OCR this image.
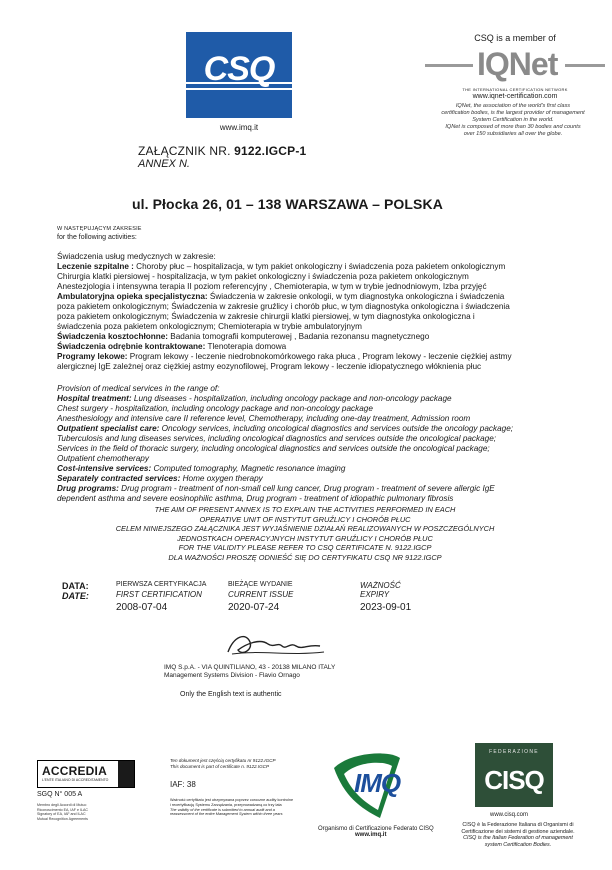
CSQ
www.imq.it
CSQ is a member of
IQNet
THE INTERNATIONAL CERTIFICATION NETWORK
www.iqnet-certification.com
IQNet, the association of the world's first class
certification bodies, is the largest provider of management
System Certification in the world.
IQNet is composed of more than 30 bodies and counts
over 150 subsidiaries all over the globe.
ZAŁĄCZNIK NR. 9122.IGCP-1
ANNEX N.
ul. Płocka 26, 01 – 138 WARSZAWA – POLSKA
W NASTĘPUJĄCYM ZAKRESIE
for the following activities:
Świadczenia usług medycznych w zakresie:
Leczenie szpitalne : Choroby płuc – hospitalizacja, w tym pakiet onkologiczny i świadczenia poza pakietem onkologicznym
Chirurgia klatki piersiowej - hospitalizacja, w tym pakiet onkologiczny i świadczenia poza pakietem onkologicznym
Anestezjologia i intensywna terapia II poziom referencyjny , Chemioterapia, w tym w trybie jednodniowym, Izba przyjęć
Ambulatoryjna opieka specjalistyczna: Świadczenia w zakresie onkologii, w tym diagnostyka onkologiczna i świadczenia
poza pakietem onkologicznym; Świadczenia w zakresie gruźlicy i chorób płuc, w tym diagnostyka onkologiczna i świadczenia
poza pakietem onkologicznym; Świadczenia w zakresie chirurgii klatki piersiowej, w tym diagnostyka onkologiczna i
świadczenia poza pakietem onkologicznym; Chemioterapia w trybie ambulatoryjnym
Świadczenia kosztochłonne: Badania tomografii komputerowej , Badania rezonansu magnetycznego
Świadczenia odrębnie kontraktowane: Tlenoterapia domowa
Programy lekowe: Program lekowy - leczenie niedrobnokomórkowego raka płuca , Program lekowy - leczenie ciężkiej astmy
alergicznej IgE zależnej oraz ciężkiej astmy eozynofilowej, Program lekowy - leczenie idiopatycznego włóknienia płuc
Provision of medical services in the range of:
Hospital treatment: Lung diseases - hospitalization, including oncology package and non-oncology package
Chest surgery - hospitalization, including oncology package and non-oncology package
Anesthesiology and intensive care II reference level, Chemotherapy, including one-day treatment, Admission room
Outpatient specialist care: Oncology services, including oncological diagnostics and services outside the oncology package;
Tuberculosis and lung diseases services, including oncological diagnostics and services outside the oncological package;
Services in the field of thoracic surgery, including oncological diagnostics and services outside the oncological package;
Outpatient chemotherapy
Cost-intensive services: Computed tomography, Magnetic resonance imaging
Separately contracted services: Home oxygen therapy
Drug programs: Drug program - treatment of non-small cell lung cancer, Drug program - treatment of severe allergic IgE
dependent asthma and severe eosinophilic asthma, Drug program - treatment of idiopathic pulmonary fibrosis
THE AIM OF PRESENT ANNEX IS TO EXPLAIN THE ACTIVITIES PERFORMED IN EACH
OPERATIVE UNIT OF INSTYTUT GRUŹLICY I CHORÓB PŁUC
CELEM NINIEJSZEGO ZAŁĄCZNIKA JEST WYJAŚNIENIE DZIAŁAŃ REALIZOWANYCH W POSZCZEGÓLNYCH
JEDNOSTKACH OPERACYJNYCH INSTYTUT GRUŹLICY I CHORÓB PŁUC
FOR THE VALIDITY PLEASE REFER TO CSQ CERTIFICATE N. 9122.IGCP
DLA WAŻNOŚCI PROSZĘ ODNIEŚĆ SIĘ DO CERTYFIKATU CSQ NR 9122.IGCP
DATA:
DATE:
PIERWSZA CERTYFIKACJA
FIRST CERTIFICATION
2008-07-04
BIEŻĄCE WYDANIE
CURRENT ISSUE
2020-07-24
WAŻNOŚĆ
EXPIRY
2023-09-01
IMQ S.p.A. - VIA QUINTILIANO, 43 - 20138 MILANO ITALY
Management Systems Division - Flavio Ornago
Only the English text is authentic
ACCREDIA
L'ENTE ITALIANO DI ACCREDITAMENTO
SGQ N° 005 A
Membro degli Accordi di Mutuo
Riconoscimento EA, IAF e ILAC
Signatory of EA, IAF and ILAC
Mutual Recognition Agreements
Ten dokument jest częścią certyfikatu nr 9122.IGCP
This document is part of certificate n. 9122.IGCP
IAF: 38
Ważność certyfikatu jest utrzymywana poprzez coroczne audity kontrolne
i recertyfikację Systemu Zarządzania, przeprowadzaną co trzy lata
The validity of the certificate is submitted to annual audit and a
reassessment of the entire Management System within three years
IMQ
Organismo di Certificazione Federato CISQ
www.imq.it
FEDERAZIONE
CISQ
www.cisq.com
CISQ è la Federazione Italiana di Organismi di
Certificazione dei sistemi di gestione aziendale.
CISQ is the Italian Federation of management
system Certification Bodies.
